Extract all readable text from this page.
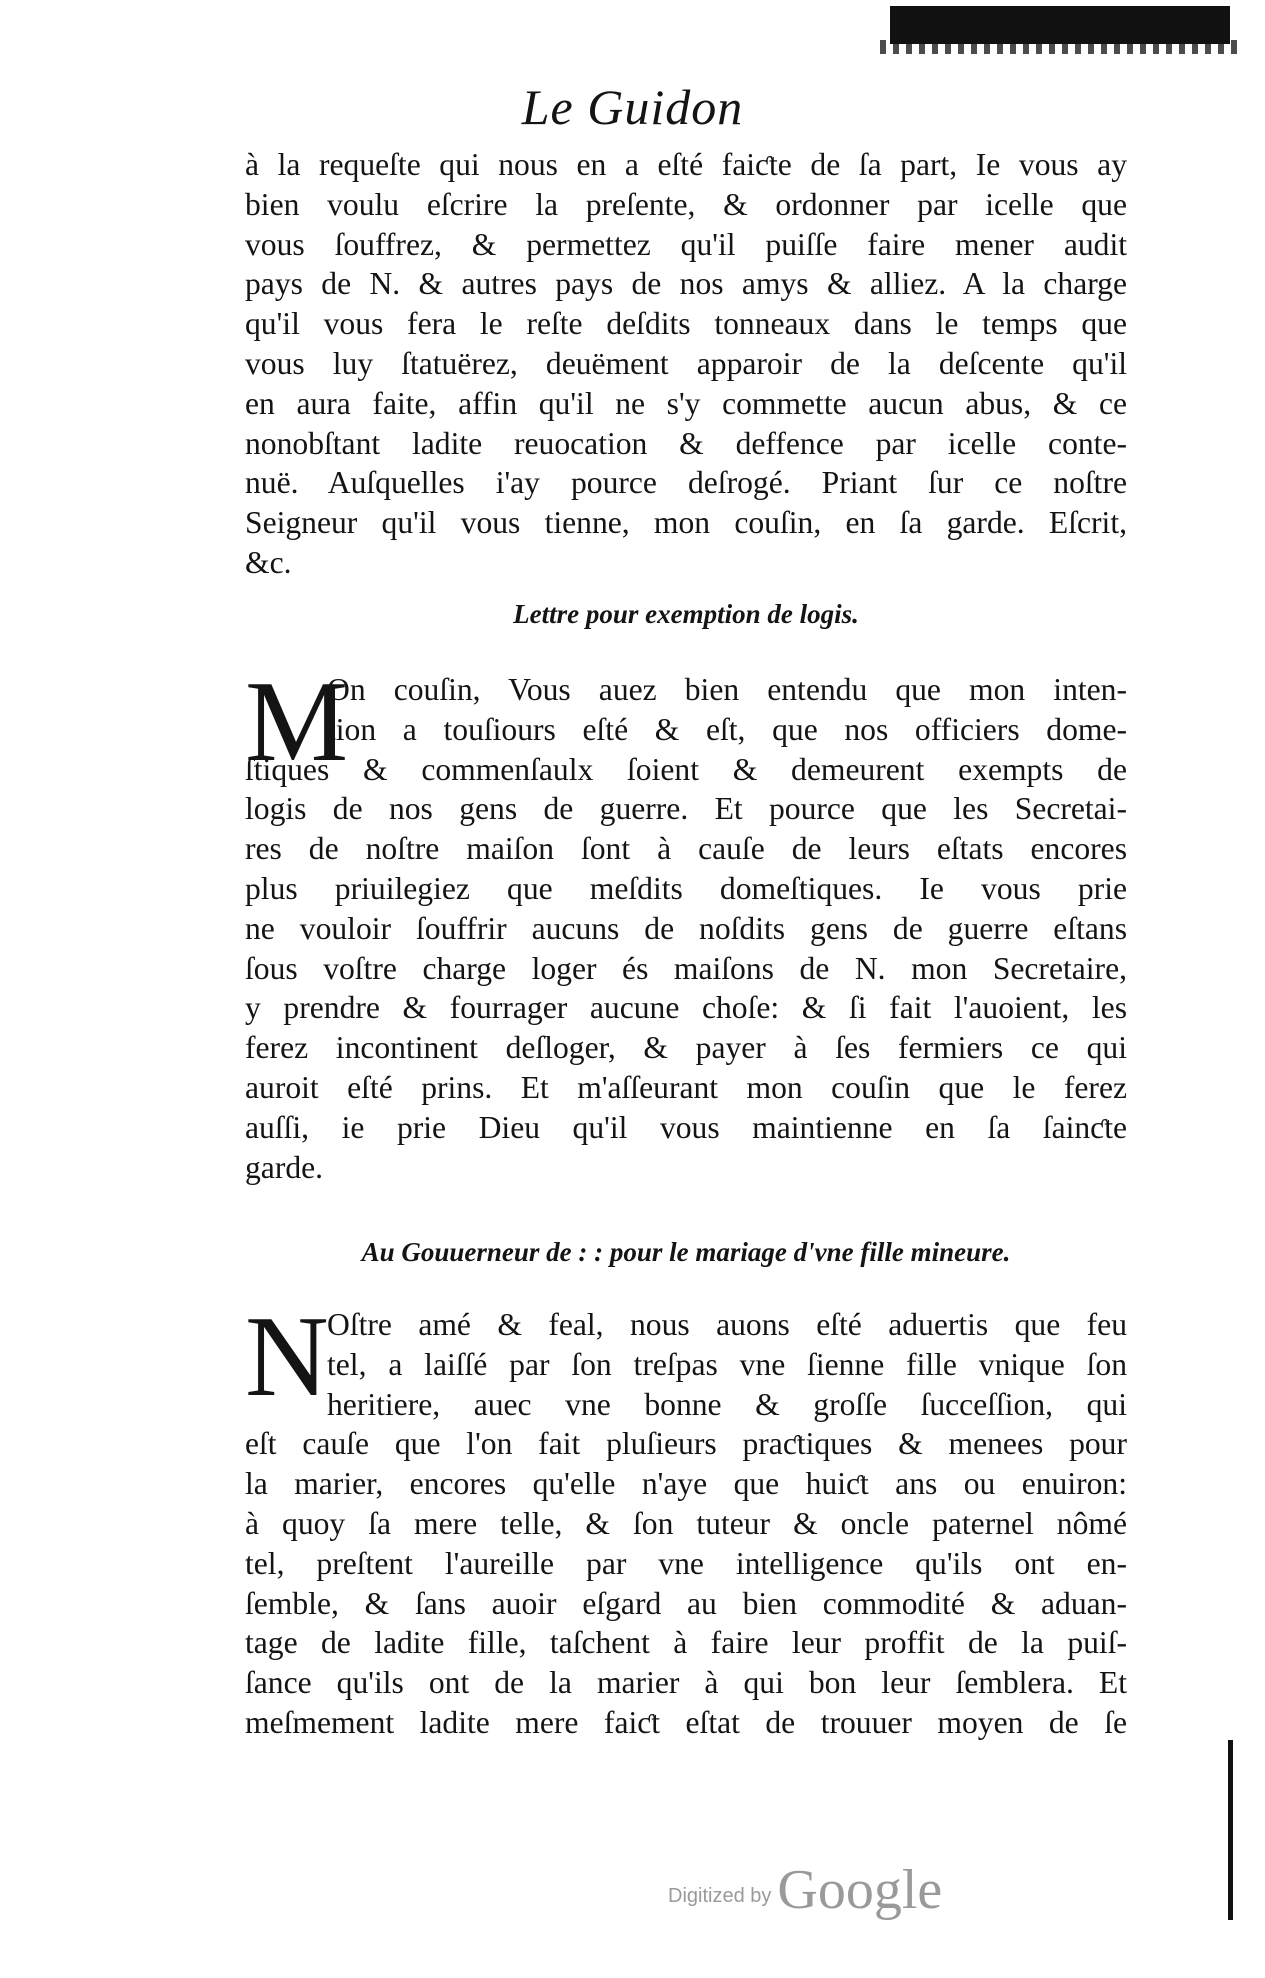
Le Guidon
à la requeſte qui nous en a eſté faiƈte de ſa part, Ie vous ay
bien voulu eſcrire la preſente, & ordonner par icelle que
vous ſouffrez, & permettez qu'il puiſſe faire mener audit
pays de N. & autres pays de nos amys & alliez. A la charge
qu'il vous fera le reſte deſdits tonneaux dans le temps que
vous luy ſtatuërez, deuëment apparoir de la deſcente qu'il
en aura faite, affin qu'il ne s'y commette aucun abus, & ce
nonobſtant ladite reuocation & deffence par icelle conte-
nuë. Auſquelles i'ay pource deſrogé. Priant ſur ce noſtre
Seigneur qu'il vous tienne, mon couſin, en ſa garde. Eſcrit,
&c.
Lettre pour exemption de logis.
M
On couſin, Vous auez bien entendu que mon inten-
tion a touſiours eſté & eſt, que nos officiers dome-
ſtiques & commenſaulx ſoient & demeurent exempts de
logis de nos gens de guerre. Et pource que les Secretai-
res de noſtre maiſon ſont à cauſe de leurs eſtats encores
plus priuilegiez que meſdits domeſtiques. Ie vous prie
ne vouloir ſouffrir aucuns de noſdits gens de guerre eſtans
ſous voſtre charge loger és maiſons de N. mon Secretaire,
y prendre & fourrager aucune choſe: & ſi fait l'auoient, les
ferez incontinent deſloger, & payer à ſes fermiers ce qui
auroit eſté prins. Et m'aſſeurant mon couſin que le ferez
auſſi, ie prie Dieu qu'il vous maintienne en ſa ſainƈte
garde.
Au Gouuerneur de : : pour le mariage d'vne fille mineure.
N
Oſtre amé & feal, nous auons eſté aduertis que feu
tel, a laiſſé par ſon treſpas vne ſienne fille vnique ſon
heritiere, auec vne bonne & groſſe ſucceſſion, qui
eſt cauſe que l'on fait pluſieurs praƈtiques & menees pour
la marier, encores qu'elle n'aye que huiƈt ans ou enuiron:
à quoy ſa mere telle, & ſon tuteur & oncle paternel nômé
tel, preſtent l'aureille par vne intelligence qu'ils ont en-
ſemble, & ſans auoir eſgard au bien commodité & aduan-
tage de ladite fille, taſchent à faire leur proffit de la puiſ-
ſance qu'ils ont de la marier à qui bon leur ſemblera. Et
meſmement ladite mere faiƈt eſtat de trouuer moyen de ſe
Digitized by Google
